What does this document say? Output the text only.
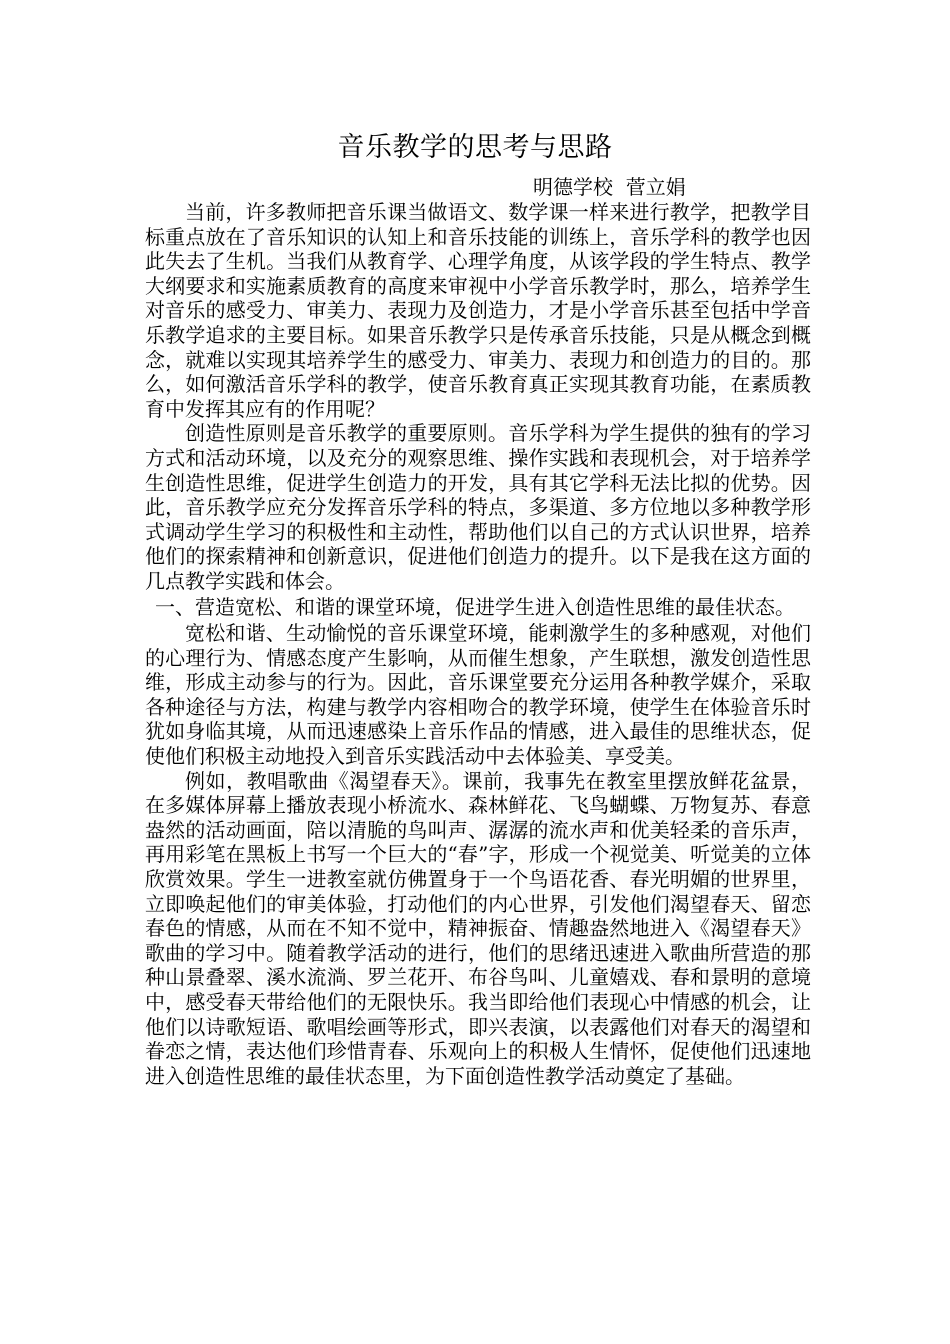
音乐教学的思考与思路
明德学校  菅立娟

当前，许多教师把音乐课当做语文、数学课一样来进行教学，把教学目标重点放在了音乐知识的认知上和音乐技能的训练上，音乐学科的教学也因此失去了生机。当我们从教育学、心理学角度，从该学段的学生特点、教学大纲要求和实施素质教育的高度来审视中小学音乐教学时，那么，培养学生对音乐的感受力、审美力、表现力及创造力，才是小学音乐甚至包括中学音乐教学追求的主要目标。如果音乐教学只是传承音乐技能，只是从概念到概念，就难以实现其培养学生的感受力、审美力、表现力和创造力的目的。那么，如何激活音乐学科的教学，使音乐教育真正实现其教育功能，在素质教育中发挥其应有的作用呢？

创造性原则是音乐教学的重要原则。音乐学科为学生提供的独有的学习方式和活动环境，以及充分的观察思维、操作实践和表现机会，对于培养学生创造性思维，促进学生创造力的开发，具有其它学科无法比拟的优势。因此，音乐教学应充分发挥音乐学科的特点，多渠道、多方位地以多种教学形式调动学生学习的积极性和主动性，帮助他们以自己的方式认识世界，培养他们的探索精神和创新意识，促进他们创造力的提升。以下是我在这方面的几点教学实践和体会。

一、营造宽松、和谐的课堂环境，促进学生进入创造性思维的最佳状态。

宽松和谐、生动愉悦的音乐课堂环境，能刺激学生的多种感观，对他们的心理行为、情感态度产生影响，从而催生想象，产生联想，激发创造性思维，形成主动参与的行为。因此，音乐课堂要充分运用各种教学媒介，采取各种途径与方法，构建与教学内容相吻合的教学环境，使学生在体验音乐时犹如身临其境，从而迅速感染上音乐作品的情感，进入最佳的思维状态，促使他们积极主动地投入到音乐实践活动中去体验美、享受美。

例如，教唱歌曲《渴望春天》。课前，我事先在教室里摆放鲜花盆景，在多媒体屏幕上播放表现小桥流水、森林鲜花、飞鸟蝴蝶、万物复苏、春意盎然的活动画面，陪以清脆的鸟叫声、潺潺的流水声和优美轻柔的音乐声，再用彩笔在黑板上书写一个巨大的“春”字，形成一个视觉美、听觉美的立体欣赏效果。学生一进教室就仿佛置身于一个鸟语花香、春光明媚的世界里，立即唤起他们的审美体验，打动他们的内心世界，引发他们渴望春天、留恋春色的情感，从而在不知不觉中，精神振奋、情趣盎然地进入《渴望春天》歌曲的学习中。随着教学活动的进行，他们的思绪迅速进入歌曲所营造的那种山景叠翠、溪水流淌、罗兰花开、布谷鸟叫、儿童嬉戏、春和景明的意境中，感受春天带给他们的无限快乐。我当即给他们表现心中情感的机会，让他们以诗歌短语、歌唱绘画等形式，即兴表演，以表露他们对春天的渴望和眷恋之情，表达他们珍惜青春、乐观向上的积极人生情怀，促使他们迅速地进入创造性思维的最佳状态里，为下面创造性教学活动奠定了基础。
